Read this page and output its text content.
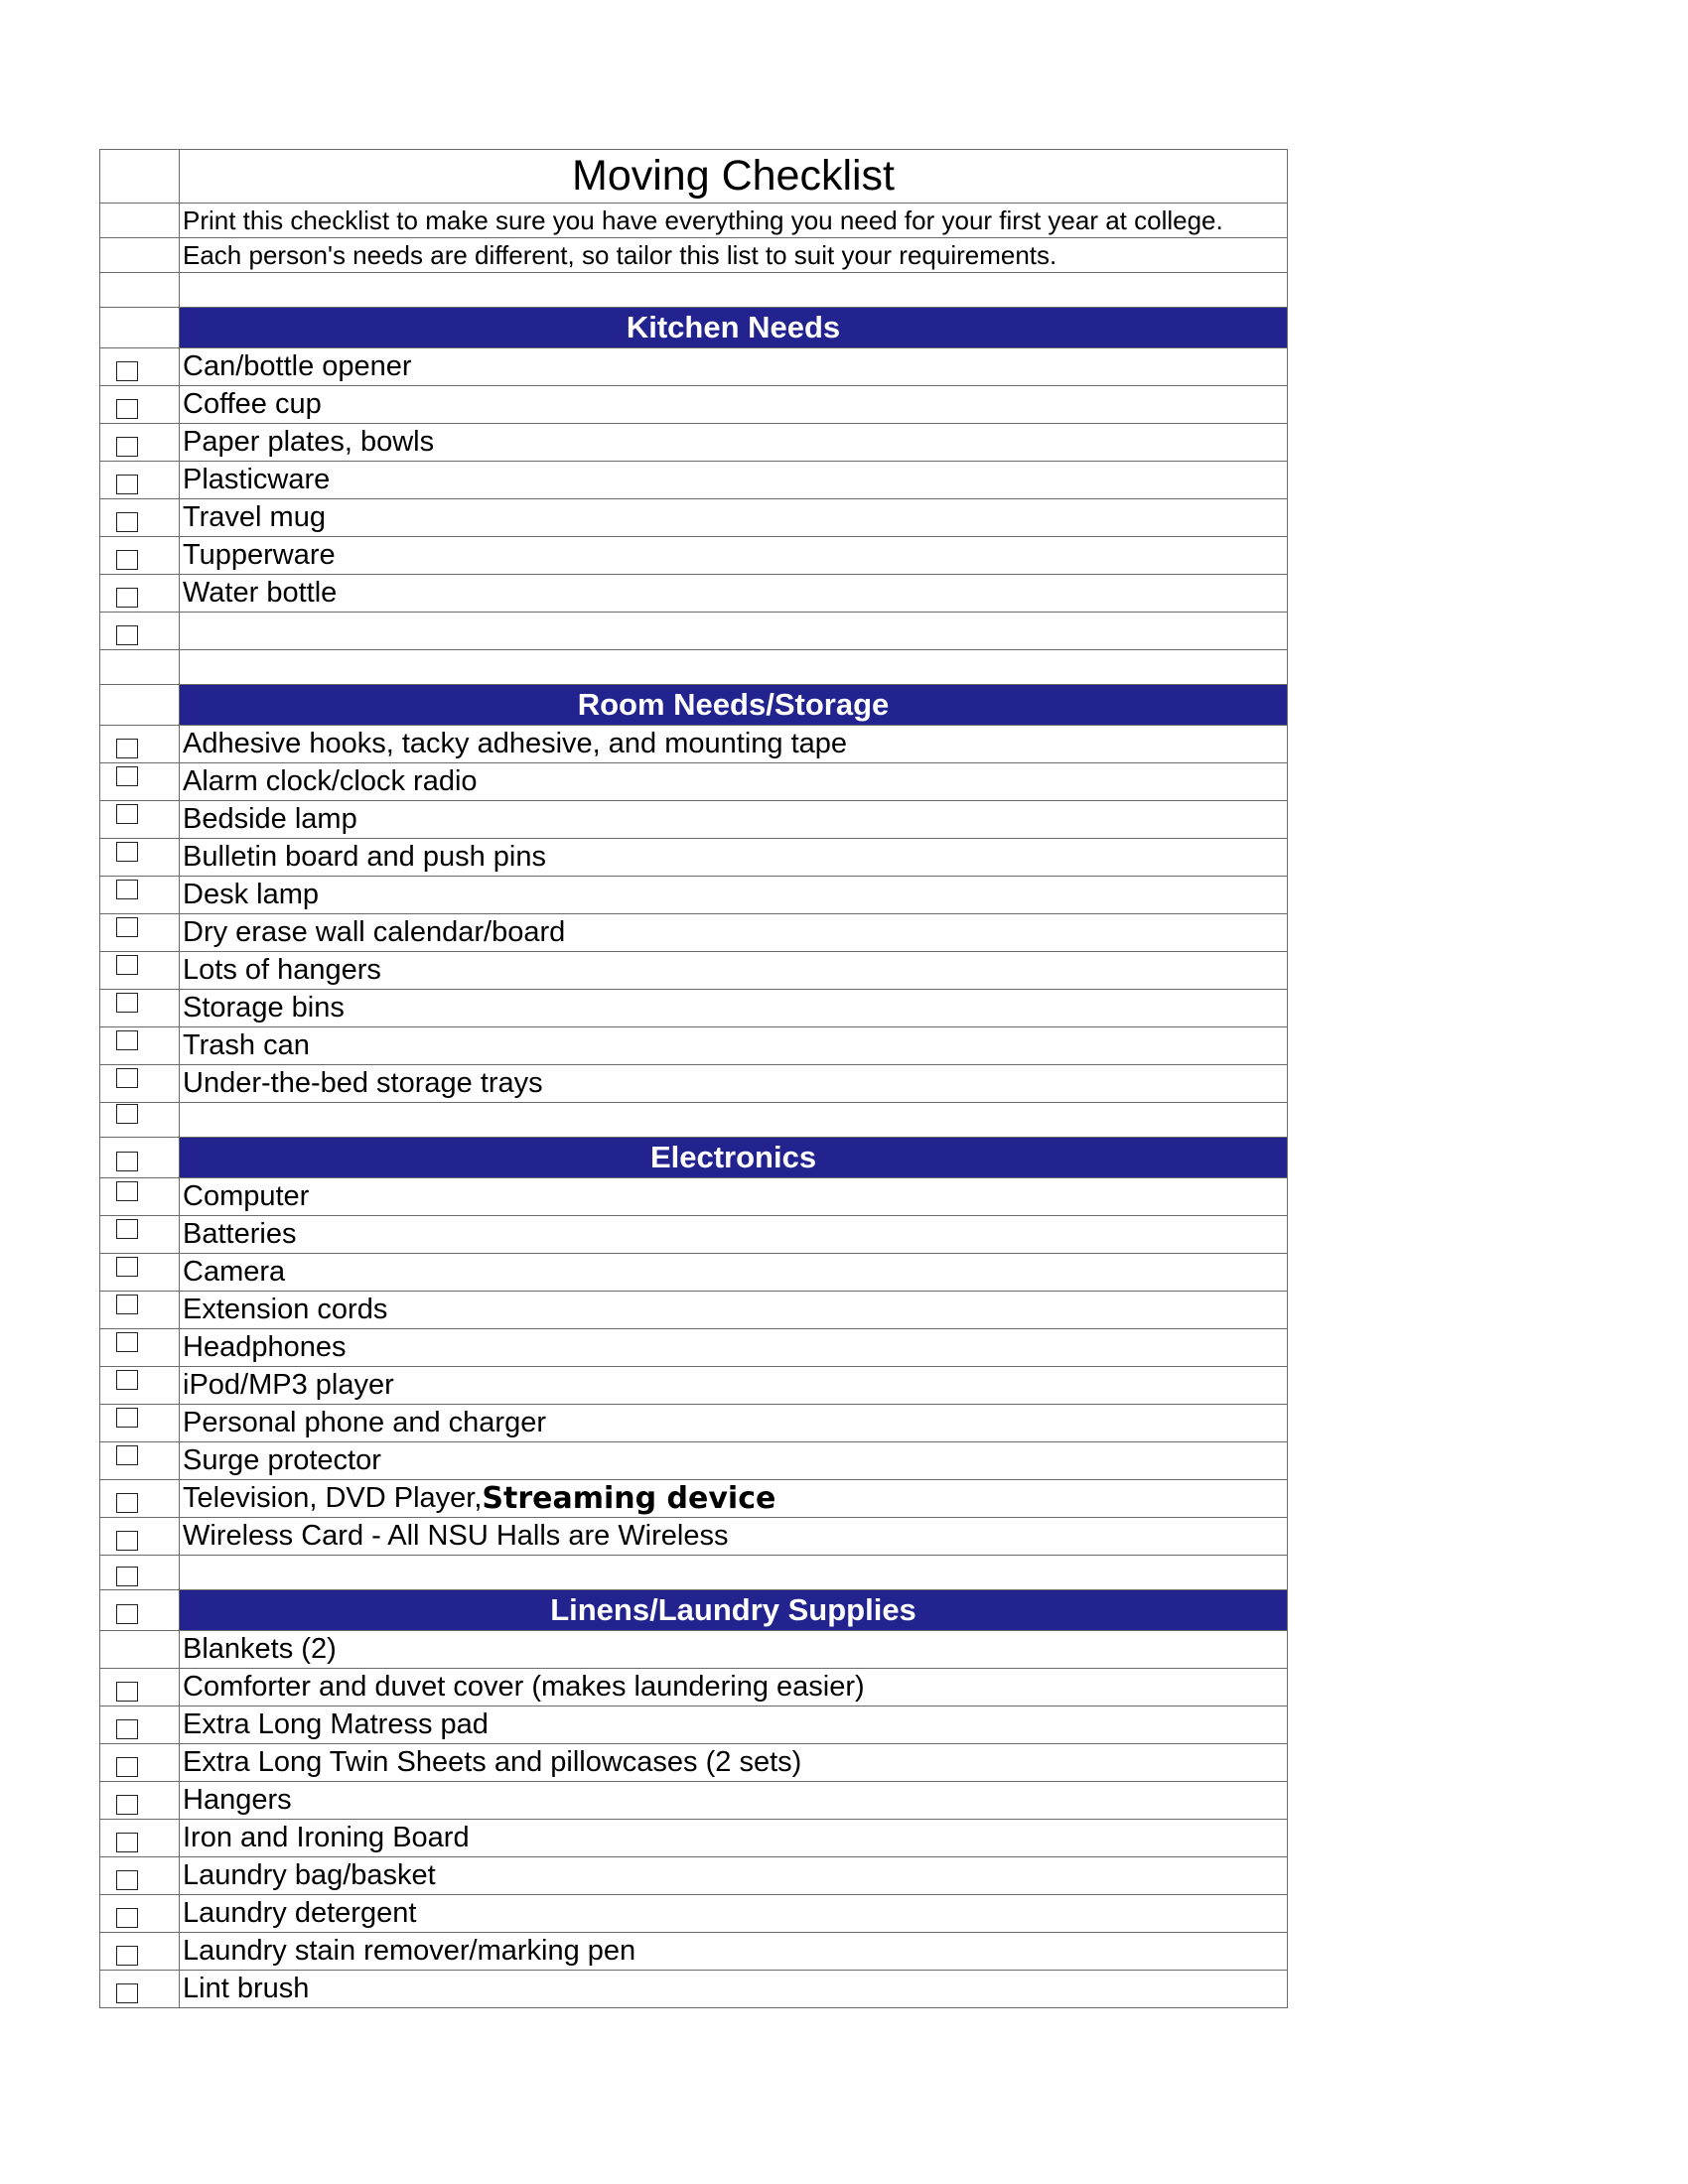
Moving Checklist
Print this checklist to make sure you have everything you need for your first year at college.
Each person's needs are different, so tailor this list to suit your requirements.
Kitchen Needs
Can/bottle opener
Coffee cup
Paper plates, bowls
Plasticware
Travel mug
Tupperware
Water bottle
Room Needs/Storage
Adhesive hooks, tacky adhesive, and mounting tape
Alarm clock/clock radio
Bedside lamp
Bulletin board and push pins
Desk lamp
Dry erase wall calendar/board
Lots of hangers
Storage bins
Trash can
Under-the-bed storage trays
Electronics
Computer
Batteries
Camera
Extension cords
Headphones
iPod/MP3 player
Personal phone and charger
Surge protector
Television, DVD Player, Streaming device
Wireless Card - All NSU Halls are Wireless
Linens/Laundry Supplies
Blankets (2)
Comforter and duvet cover (makes laundering easier)
Extra Long Matress pad
Extra Long Twin Sheets and pillowcases (2 sets)
Hangers
Iron and Ironing Board
Laundry bag/basket
Laundry detergent
Laundry stain remover/marking pen
Lint brush
